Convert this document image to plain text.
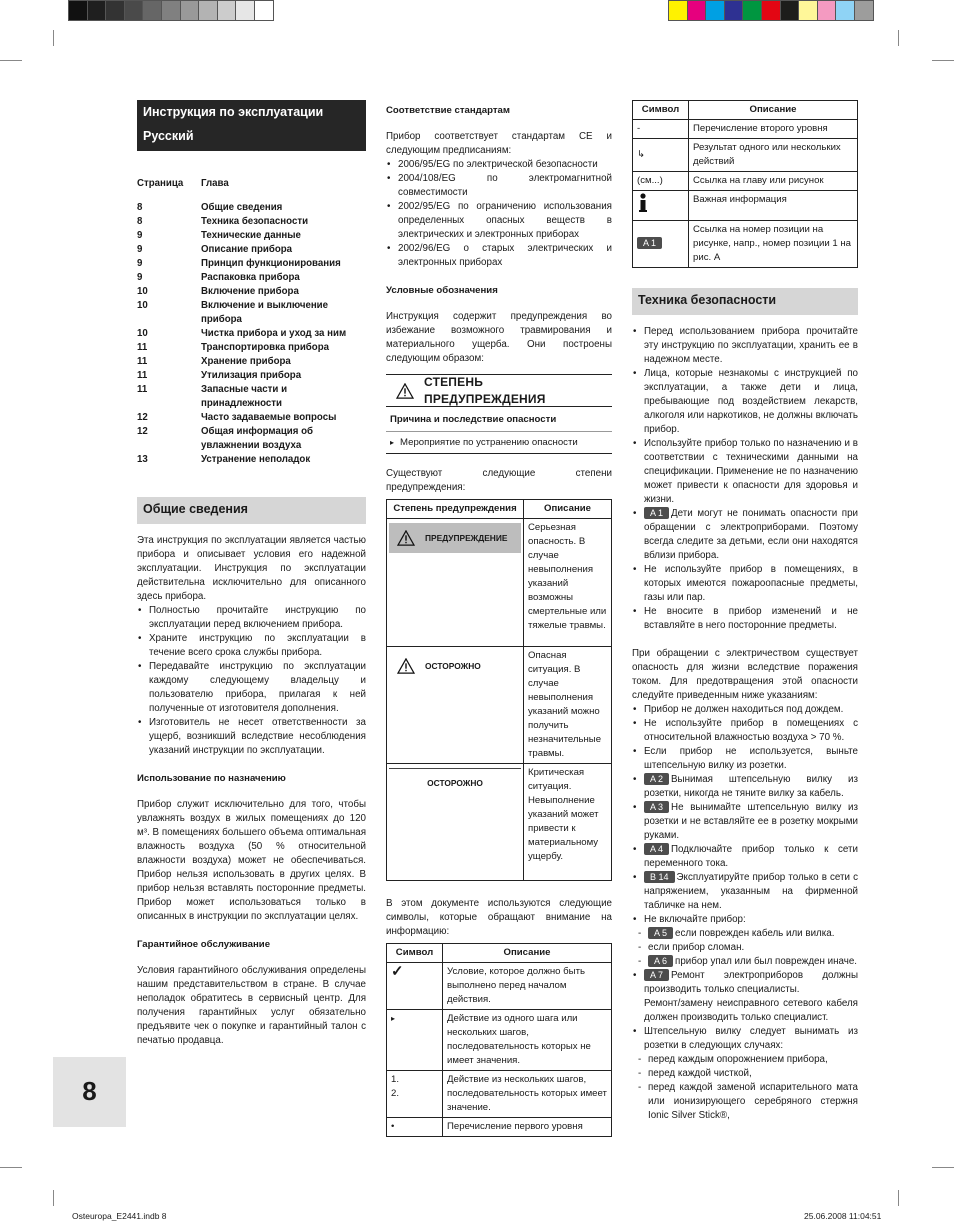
Инструкция по эксплуатации
Русский
Страница	Глава
8	Общие сведения
8	Техника безопасности
9	Технические данные
9	Описание прибора
9	Принцип функционирования
9	Распаковка прибора
10	Включение прибора
10	Включение и выключение прибора
10	Чистка прибора и уход за ним
11	Транспортировка прибора
11	Хранение прибора
11	Утилизация прибора
11	Запасные части и принадлежности
12	Часто задаваемые вопросы
12	Общая информация об увлажнении воздуха
13	Устранение неполадок
Общие сведения

Эта инструкция по эксплуатации является частью прибора и описывает условия его надежной эксплуатации. Инструкция по эксплуатации действительна исключительно для описанного здесь прибора.

• Полностью прочитайте инструкцию по эксплуатации перед включением прибора.
• Храните инструкцию по эксплуатации в течение всего срока службы прибора.
• Передавайте инструкцию по эксплуатации каждому следующему владельцу и пользователю прибора, прилагая к ней полученные от изготовителя дополнения.
• Изготовитель не несет ответственности за ущерб, возникший вследствие несоблюдения указаний инструкции по эксплуатации.
Использование по назначению

Прибор служит исключительно для того, чтобы увлажнять воздух в жилых помещениях до 120 м³. В помещениях большего объема оптимальная влажность воздуха (50 % относительной влажности воздуха) может не обеспечиваться. Прибор нельзя использовать в других целях. В прибор нельзя вставлять посторонние предметы. Прибор может использоваться только в описанных в инструкции по эксплуатации целях.

Гарантийное обслуживание

Условия гарантийного обслуживания определены нашим представительством в стране. В случае неполадок обратитесь в сервисный центр. Для получения гарантийных услуг обязательно предъявите чек о покупке и гарантийный талон с печатью продавца.

Соответствие стандартам

Прибор соответствует стандартам CE и следующим предписаниям:

• 2006/95/EG по электрической безопасности
• 2004/108/EG по электромагнитной совместимости
• 2002/95/EG по ограничению использования определенных опасных веществ в электрических и электронных приборах
• 2002/96/EG о старых электрических и электронных приборах
Условные обозначения

Инструкция содержит предупреждения во избежание возможного травмирования и материального ущерба. Они построены следующим образом:

СТЕПЕНЬ ПРЕДУПРЕЖДЕНИЯ
Причина и последствие опасности
▸ Мероприятие по устранению опасности

Существуют следующие степени предупреждения:

Степень предупреждения	Описание

ПРЕДУПРЕЖДЕНИЕ	Серьезная опасность. В случае невыполнения указаний возможны смертельные или тяжелые травмы.

ОСТОРОЖНО	Опасная ситуация. В случае невыполнения указаний можно получить незначительные травмы.

ОСТОРОЖНО	Критическая ситуация. Невыполнение указаний может привести к материальному ущербу.

В этом документе используются следующие символы, которые обращают внимание на информацию:

Символ	Описание
✓	Условие, которое должно быть выполнено перед началом действия.
▸	Действие из одного шага или нескольких шагов, последовательность которых не имеет значения.
1.
2.	Действие из нескольких шагов, последовательность которых имеет значение.
•	Перечисление первого уровня
Символ	Описание
-	Перечисление второго уровня
↳	Результат одного или нескольких действий
(см...)	Ссылка на главу или рисунок
	Важная информация
A 1	Ссылка на номер позиции на рисунке, напр., номер позиции 1 на рис. A
Техника безопасности
• Перед использованием прибора прочитайте эту инструкцию по эксплуатации, хранить ее в надежном месте.
• Лица, которые незнакомы с инструкцией по эксплуатации, а также дети и лица, пребывающие под воздействием лекарств, алкоголя или наркотиков, не должны включать прибор.
• Используйте прибор только по назначению и в соответствии с техническими данными на спецификации. Применение не по назначению может привести к опасности для здоровья и жизни.
• A 1 Дети могут не понимать опасности при обращении с электроприборами. Поэтому всегда следите за детьми, если они находятся вблизи прибора.
• Не используйте прибор в помещениях, в которых имеются пожароопасные предметы, газы или пар.
• Не вносите в прибор изменений и не вставляйте в него посторонние предметы.

При обращении с электричеством существует опасность для жизни вследствие поражения током. Для предотвращения этой опасности следуйте приведенным ниже указаниям:

• Прибор не должен находиться под дождем.
• Не используйте прибор в помещениях с относительной влажностью воздуха > 70 %.
• Если прибор не используется, выньте штепсельную вилку из розетки.
• A 2 Вынимая штепсельную вилку из розетки, никогда не тяните вилку за кабель.
• A 3 Не вынимайте штепсельную вилку из розетки и не вставляйте ее в розетку мокрыми руками.
• A 4 Подключайте прибор только к сети переменного тока.
• B 14 Эксплуатируйте прибор только в сети с напряжением, указанным на фирменной табличке на нем.
• Не включайте прибор:
- A 5 если поврежден кабель или вилка.
- если прибор сломан.
- A 6 прибор упал или был поврежден иначе.
• A 7 Ремонт электроприборов должны производить только специалисты.
Ремонт/замену неисправного сетевого кабеля должен производить только специалист.
• Штепсельную вилку следует вынимать из розетки в следующих случаях:
- перед каждым опорожнением прибора,
- перед каждой чисткой,
- перед каждой заменой испарительного мата или ионизирующего серебряного стержня Ionic Silver Stick®,
8
Osteuropa_E2441.indb 8	25.06.2008 11:04:51
